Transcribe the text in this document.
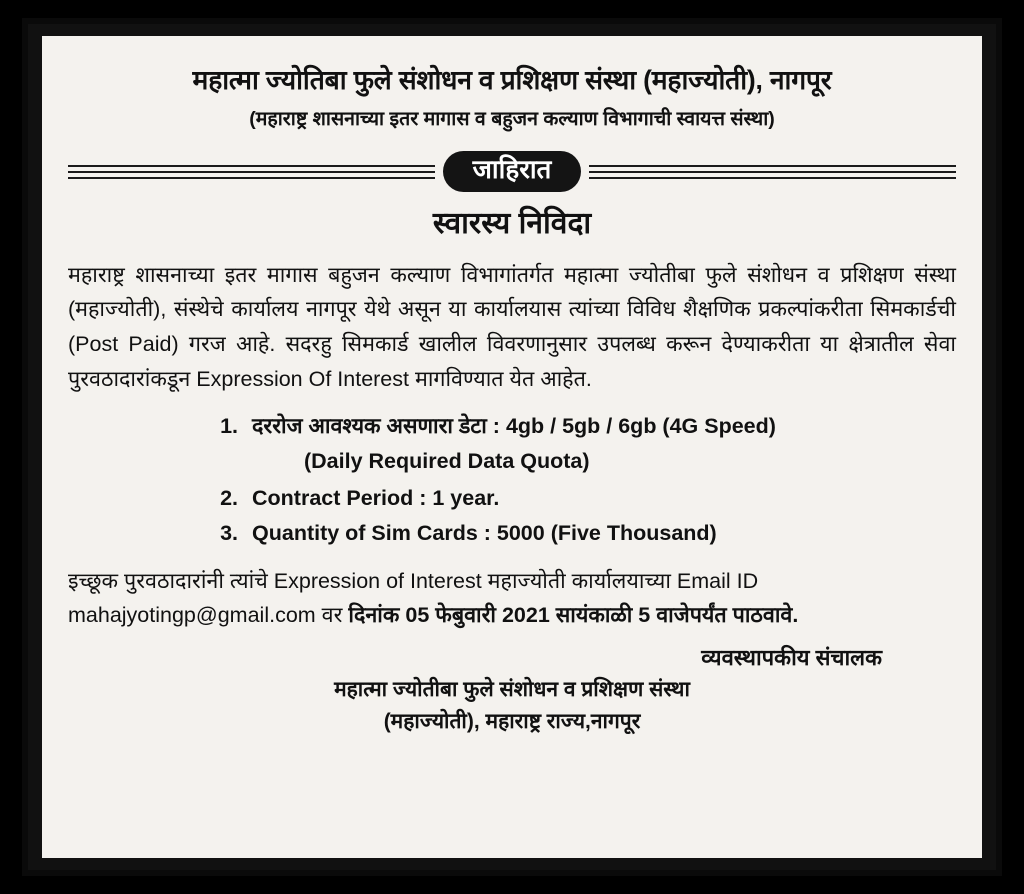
महात्मा ज्योतिबा फुले संशोधन व प्रशिक्षण संस्था (महाज्योती), नागपूर
(महाराष्ट्र शासनाच्या इतर मागास व बहुजन कल्याण विभागाची स्वायत्त संस्था)
जाहिरात
स्वारस्य निविदा
महाराष्ट्र शासनाच्या इतर मागास बहुजन कल्याण विभागांतर्गत महात्मा ज्योतीबा फुले संशोधन व प्रशिक्षण संस्था (महाज्योती), संस्थेचे कार्यालय नागपूर येथे असून या कार्यालयास त्यांच्या विविध शैक्षणिक प्रकल्पांकरीता सिमकार्डची (Post Paid) गरज आहे. सदरहु सिमकार्ड खालील विवरणानुसार उपलब्ध करून देण्याकरीता या क्षेत्रातील सेवा पुरवठादारांकडून Expression Of Interest मागविण्यात येत आहेत.
1. दररोज आवश्यक असणारा डेटा : 4gb / 5gb / 6gb (4G Speed)
(Daily Required Data Quota)
2. Contract Period : 1 year.
3. Quantity of Sim Cards : 5000 (Five Thousand)
इच्छूक पुरवठादारांनी त्यांचे Expression of Interest महाज्योती कार्यालयाच्या Email ID mahajyotingp@gmail.com वर दिनांक 05 फेबुवारी 2021 सायंकाळी 5 वाजेपर्यंत पाठवावे.
व्यवस्थापकीय संचालक
महात्मा ज्योतीबा फुले संशोधन व प्रशिक्षण संस्था
(महाज्योती), महाराष्ट्र राज्य,नागपूर
